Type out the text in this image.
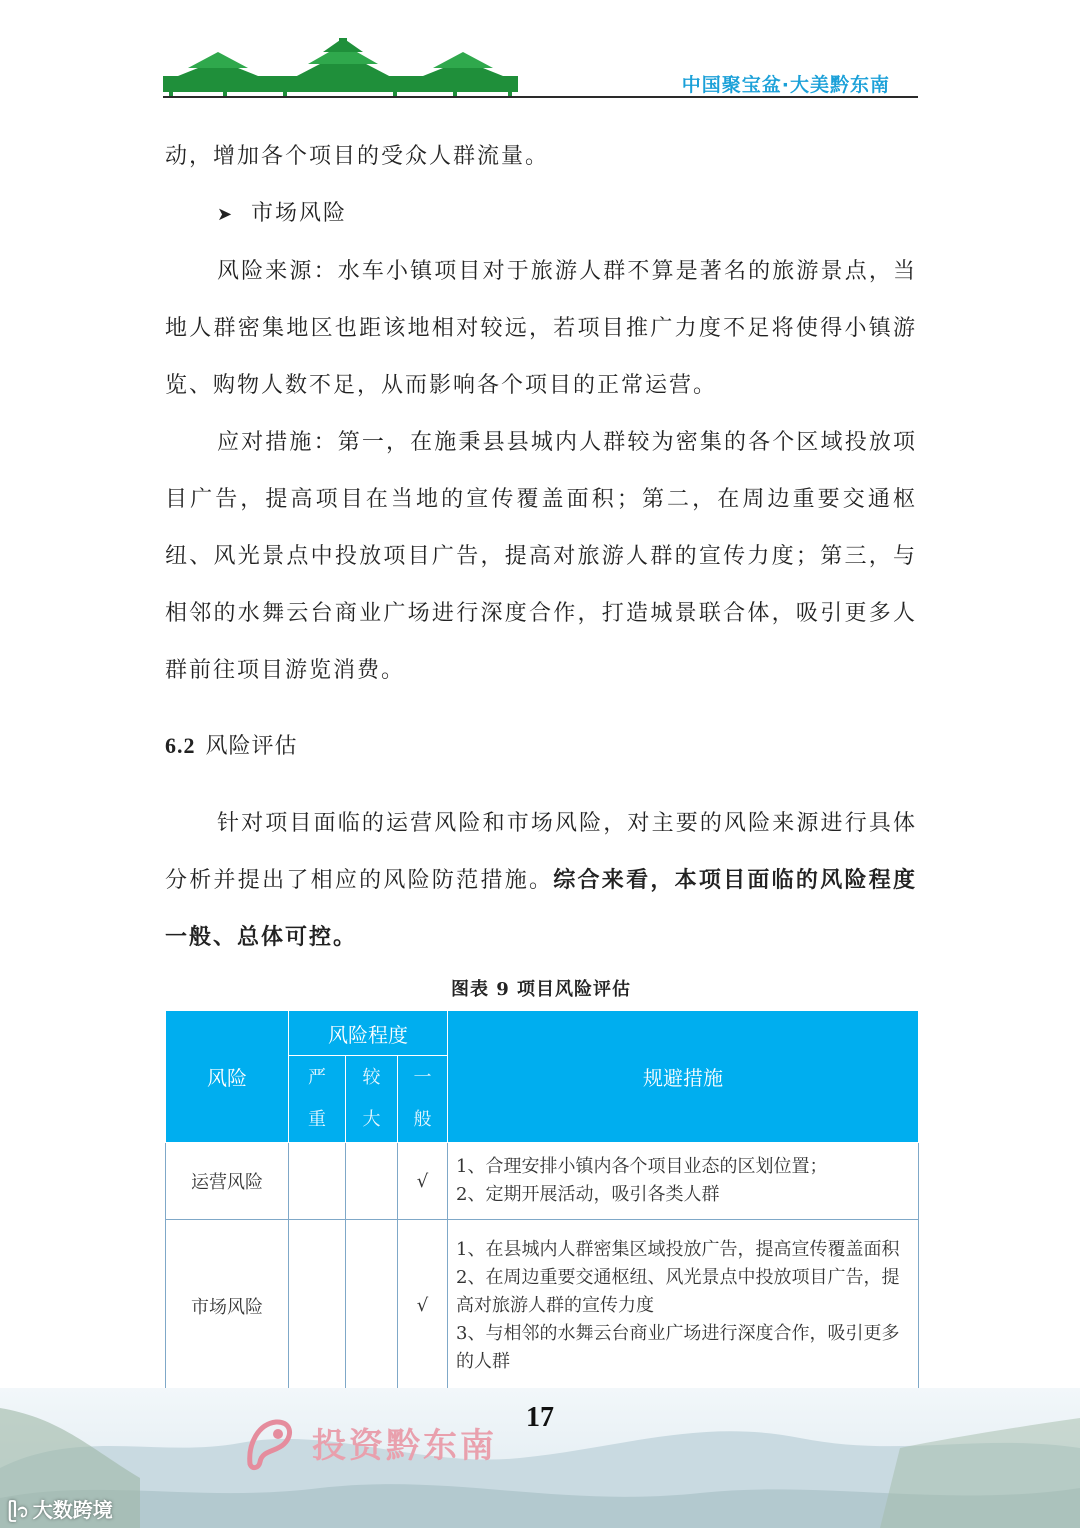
中国聚宝盆·大美黔东南

动，增加各个项目的受众人群流量。

➤ 市场风险

风险来源：水车小镇项目对于旅游人群不算是著名的旅游景点，当地人群密集地区也距该地相对较远，若项目推广力度不足将使得小镇游览、购物人数不足，从而影响各个项目的正常运营。

应对措施：第一，在施秉县县城内人群较为密集的各个区域投放项目广告，提高项目在当地的宣传覆盖面积；第二，在周边重要交通枢纽、风光景点中投放项目广告，提高对旅游人群的宣传力度；第三，与相邻的水舞云台商业广场进行深度合作，打造城景联合体，吸引更多人群前往项目游览消费。

6.2 风险评估

针对项目面临的运营风险和市场风险，对主要的风险来源进行具体分析并提出了相应的风险防范措施。综合来看，本项目面临的风险程度一般、总体可控。

图表 9 项目风险评估
风险	风险程度			规避措施
	严重	较大	一般	
运营风险			√	1、合理安排小镇内各个项目业态的区划位置；
2、定期开展活动，吸引各类人群

市场风险			√	1、在县城内人群密集区域投放广告，提高宣传覆盖面积
2、在周边重要交通枢纽、风光景点中投放项目广告，提高对旅游人群的宣传力度
3、与相邻的水舞云台商业广场进行深度合作，吸引更多的人群
17
投资黔东南
ᥫ᭡ 大数跨境
